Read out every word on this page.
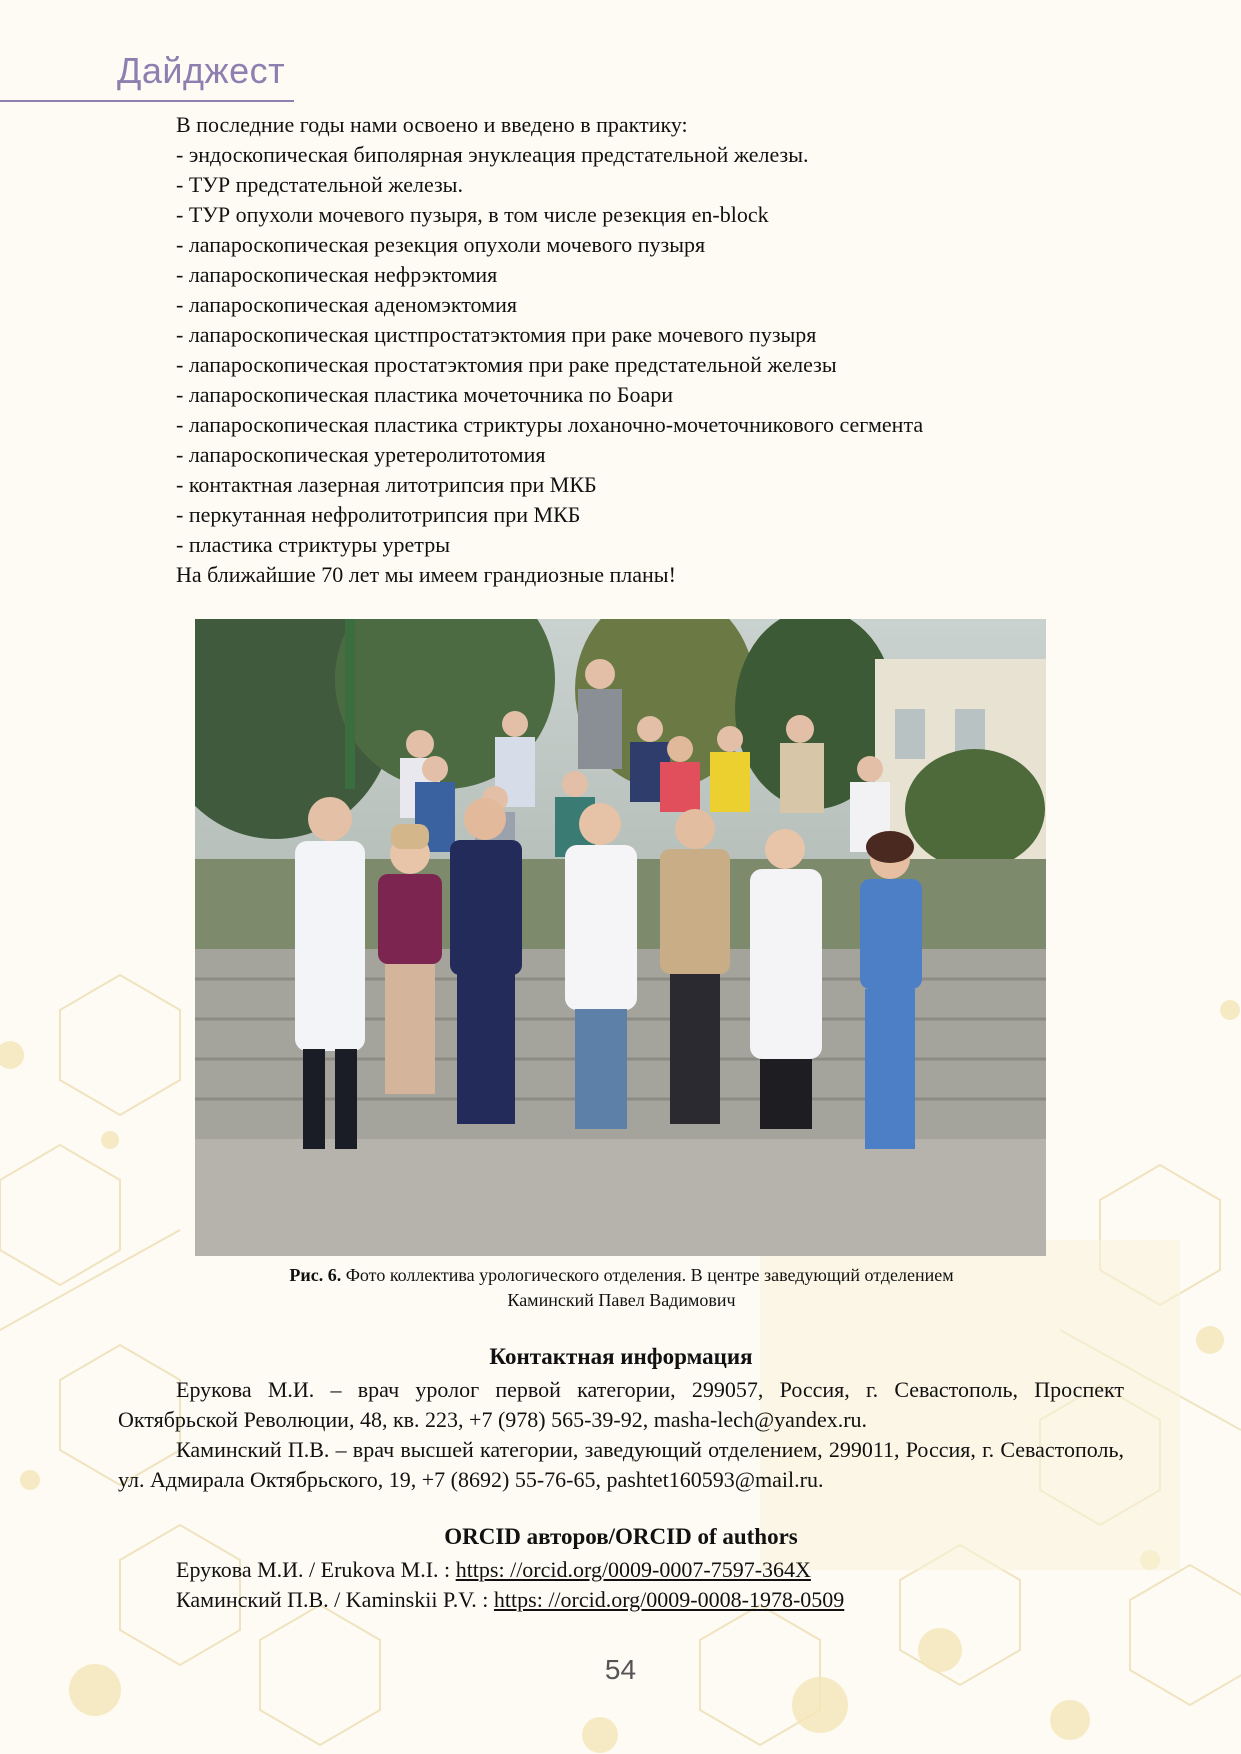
Дайджест
В последние годы нами освоено и введено в практику:
- эндоскопическая биполярная энуклеация предстательной железы.
- ТУР предстательной железы.
- ТУР опухоли мочевого пузыря, в том числе резекция en-block
- лапароскопическая резекция опухоли мочевого пузыря
- лапароскопическая нефрэктомия
- лапароскопическая аденомэктомия
- лапароскопическая цистпростатэктомия при раке мочевого пузыря
- лапароскопическая простатэктомия при раке предстательной железы
- лапароскопическая пластика мочеточника по Боари
- лапароскопическая пластика стриктуры лоханочно-мочеточникового сегмента
- лапароскопическая уретеролитотомия
- контактная лазерная литотрипсия при МКБ
- перкутанная нефролитотрипсия при МКБ
- пластика стриктуры уретры
На ближайшие 70 лет мы имеем грандиозные планы!
Рис. 6. Фото коллектива урологического отделения. В центре заведующий отделением
Каминский Павел Вадимович
Контактная информация

Ерукова М.И. – врач уролог первой категории, 299057, Россия, г. Севастополь, Проспект Октябрьской Революции, 48, кв. 223, +7 (978) 565-39-92, masha-lech@yandex.ru.

Каминский П.В. – врач высшей категории, заведующий отделением, 299011, Россия, г. Севастополь, ул. Адмирала Октябрьского, 19, +7 (8692) 55-76-65, pashtet160593@mail.ru.

ORCID авторов/ORCID of authors
Ерукова М.И. / Erukova M.I. : https: //orcid.org/0009-0007-7597-364X
Каминский П.В. / Kaminskii P.V. : https: //orcid.org/0009-0008-1978-0509
54
